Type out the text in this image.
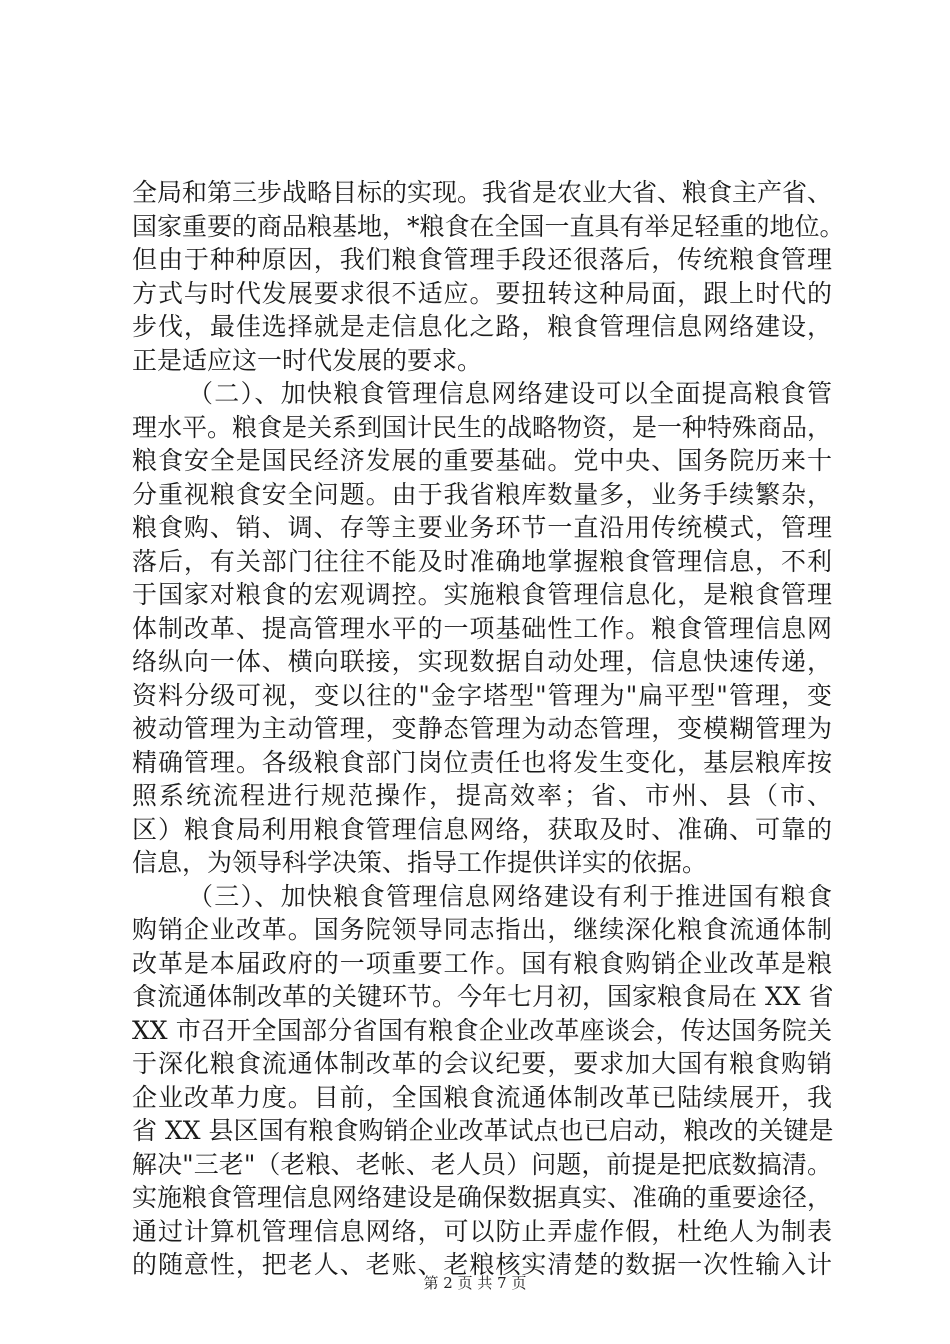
全局和第三步战略目标的实现。我省是农业大省、粮食主产省、
国家重要的商品粮基地，*粮食在全国一直具有举足轻重的地位。
但由于种种原因，我们粮食管理手段还很落后，传统粮食管理
方式与时代发展要求很不适应。要扭转这种局面，跟上时代的
步伐，最佳选择就是走信息化之路，粮食管理信息网络建设，
正是适应这一时代发展的要求。
（二）、加快粮食管理信息网络建设可以全面提高粮食管
理水平。粮食是关系到国计民生的战略物资，是一种特殊商品，
粮食安全是国民经济发展的重要基础。党中央、国务院历来十
分重视粮食安全问题。由于我省粮库数量多，业务手续繁杂，
粮食购、销、调、存等主要业务环节一直沿用传统模式，管理
落后，有关部门往往不能及时准确地掌握粮食管理信息，不利
于国家对粮食的宏观调控。实施粮食管理信息化，是粮食管理
体制改革、提高管理水平的一项基础性工作。粮食管理信息网
络纵向一体、横向联接，实现数据自动处理，信息快速传递，
资料分级可视，变以往的"金字塔型"管理为"扁平型"管理，变
被动管理为主动管理，变静态管理为动态管理，变模糊管理为
精确管理。各级粮食部门岗位责任也将发生变化，基层粮库按
照系统流程进行规范操作，提高效率；省、市州、县（市、
区）粮食局利用粮食管理信息网络，获取及时、准确、可靠的
信息，为领导科学决策、指导工作提供详实的依据。
（三）、加快粮食管理信息网络建设有利于推进国有粮食
购销企业改革。国务院领导同志指出，继续深化粮食流通体制
改革是本届政府的一项重要工作。国有粮食购销企业改革是粮
食流通体制改革的关键环节。今年七月初，国家粮食局在 XX 省
XX 市召开全国部分省国有粮食企业改革座谈会，传达国务院关
于深化粮食流通体制改革的会议纪要，要求加大国有粮食购销
企业改革力度。目前，全国粮食流通体制改革已陆续展开，我
省 XX 县区国有粮食购销企业改革试点也已启动，粮改的关键是
解决"三老"（老粮、老帐、老人员）问题，前提是把底数搞清。
实施粮食管理信息网络建设是确保数据真实、准确的重要途径，
通过计算机管理信息网络，可以防止弄虚作假，杜绝人为制表
的随意性，把老人、老账、老粮核实清楚的数据一次性输入计
第 2 页 共 7 页
